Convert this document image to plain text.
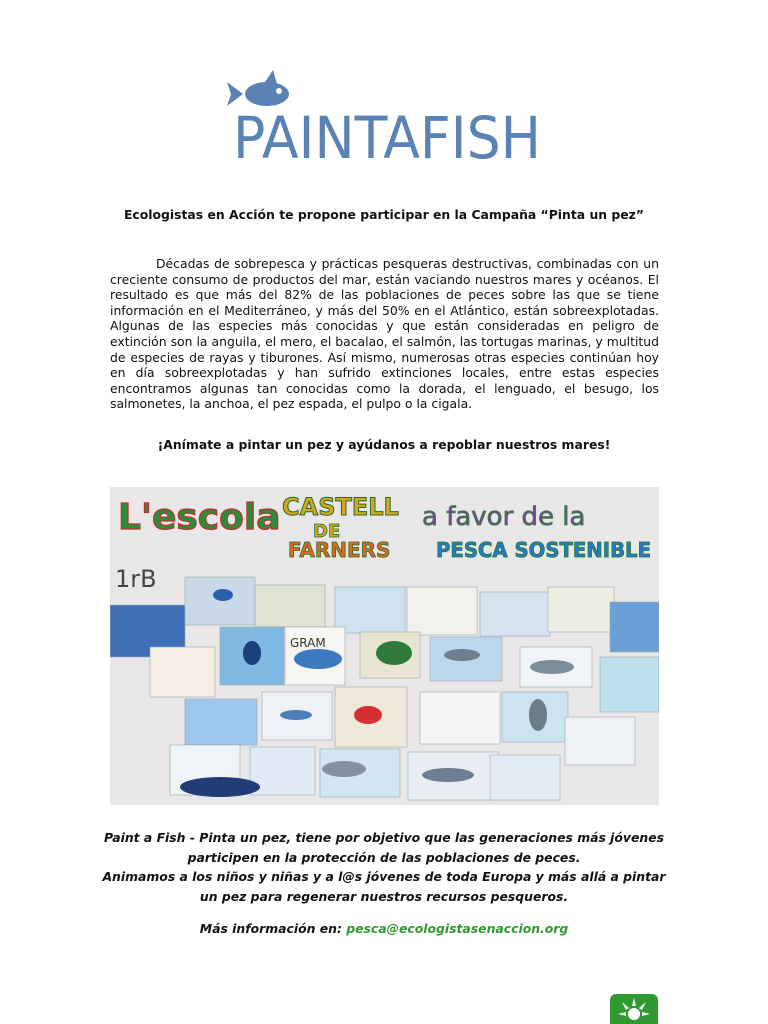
PAINTAFISH
Ecologistas en Acción te propone participar en la Campaña “Pinta un pez”

Décadas de sobrepesca y prácticas pesqueras destructivas, combinadas con un creciente consumo de productos del mar, están vaciando nuestros mares y océanos. El resultado es que más del 82% de las poblaciones de peces sobre las que se tiene información en el Mediterráneo, y más del 50% en el Atlántico, están sobreexplotadas. Algunas de las especies más conocidas y que están consideradas en peligro de extinción son la anguila, el mero, el bacalao, el salmón, las tortugas marinas, y multitud de especies de rayas y tiburones. Así mismo, numerosas otras especies continúan hoy en día sobreexplotadas y han sufrido extinciones locales, entre estas especies encontramos algunas tan conocidas como la dorada, el lenguado, el besugo, los salmonetes, la anchoa, el pez espada, el pulpo o la cigala.

¡Anímate a pintar un pez y ayúdanos a repoblar nuestros mares!
L'escola CASTELL
DE
FARNERS
a favor de la
PESCA SOSTENIBLE
1rB
GRAM

Paint a Fish - Pinta un pez, tiene por objetivo que las generaciones más jóvenes

participen en la protección de las poblaciones de peces.

Animamos a los niños y niñas y a l@s jóvenes de toda Europa y más allá a pintar

un pez para regenerar nuestros recursos pesqueros.

Más información en: pesca@ecologistasenaccion.org
